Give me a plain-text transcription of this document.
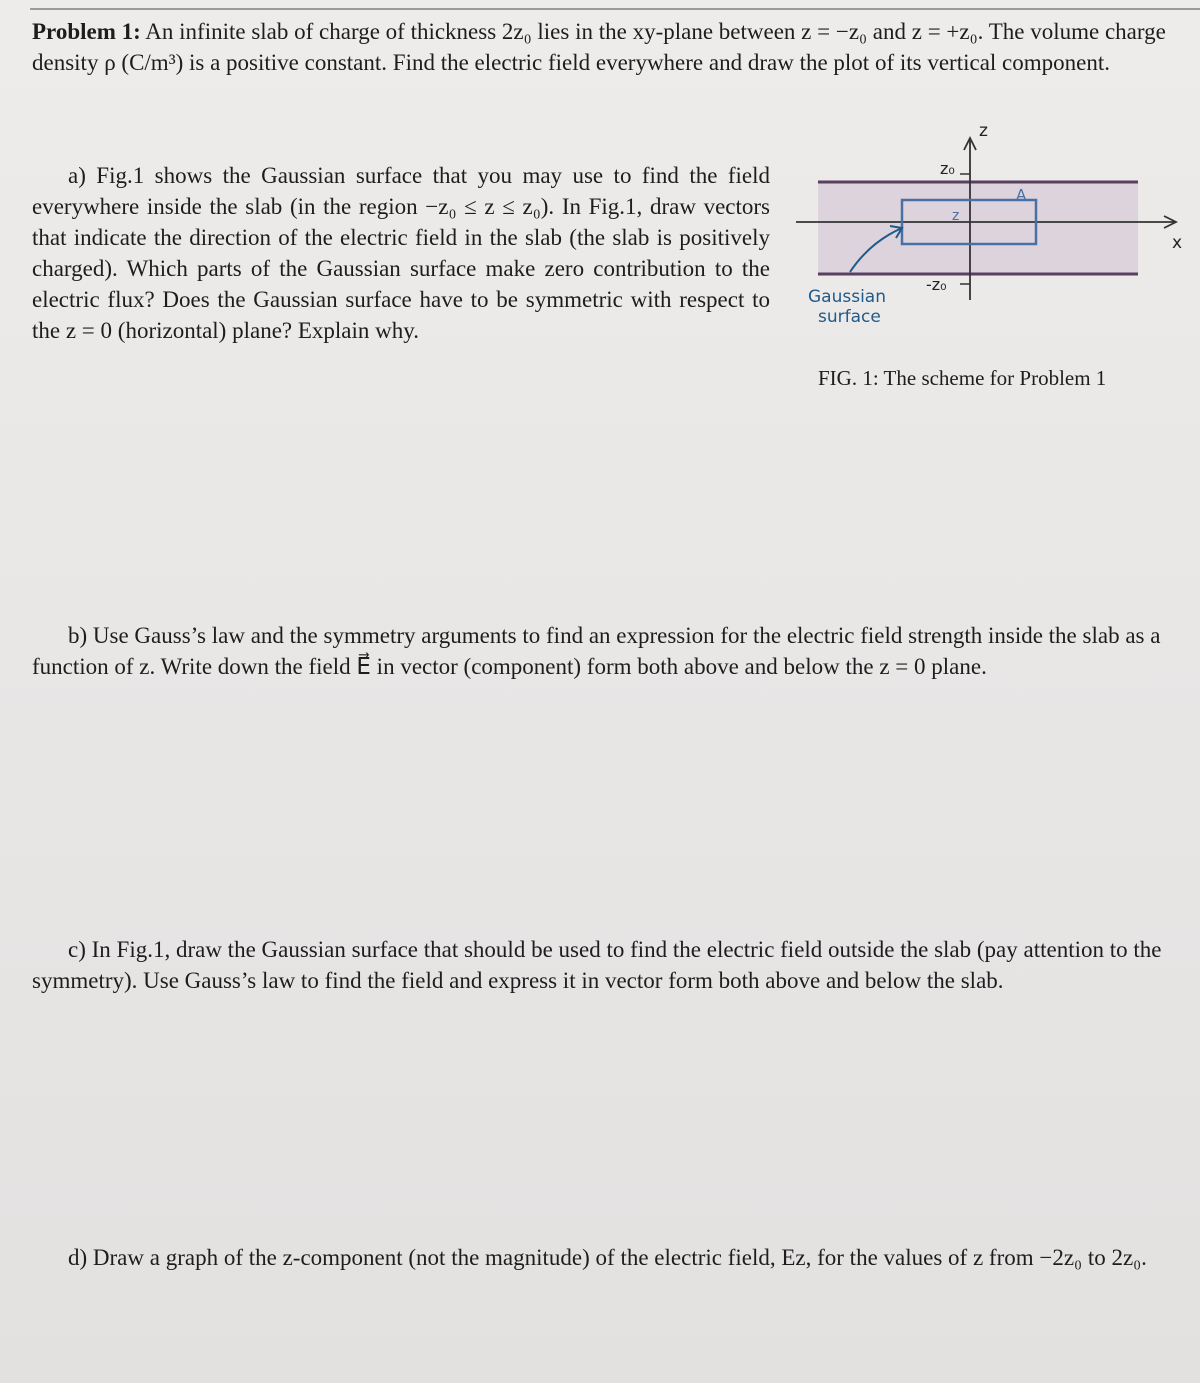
Problem 1: An infinite slab of charge of thickness 2z₀ lies in the xy-plane between z = −z₀ and z = +z₀. The volume charge density ρ (C/m³) is a positive constant. Find the electric field everywhere and draw the plot of its vertical component.

a) Fig.1 shows the Gaussian surface that you may use to find the field everywhere inside the slab (in the region −z₀ ≤ z ≤ z₀). In Fig.1, draw vectors that indicate the direction of the electric field in the slab (the slab is positively charged). Which parts of the Gaussian surface make zero contribution to the electric flux? Does the Gaussian surface have to be symmetric with respect to the z = 0 (horizontal) plane? Explain why.

z
x
z₀
-z₀
z
A
Gaussian
surface
FIG. 1: The scheme for Problem 1

b) Use Gauss’s law and the symmetry arguments to find an expression for the electric field strength inside the slab as a function of z. Write down the field E⃗ in vector (component) form both above and below the z = 0 plane.

c) In Fig.1, draw the Gaussian surface that should be used to find the electric field outside the slab (pay attention to the symmetry). Use Gauss’s law to find the field and express it in vector form both above and below the slab.

d) Draw a graph of the z-component (not the magnitude) of the electric field, Ez, for the values of z from −2z₀ to 2z₀.
